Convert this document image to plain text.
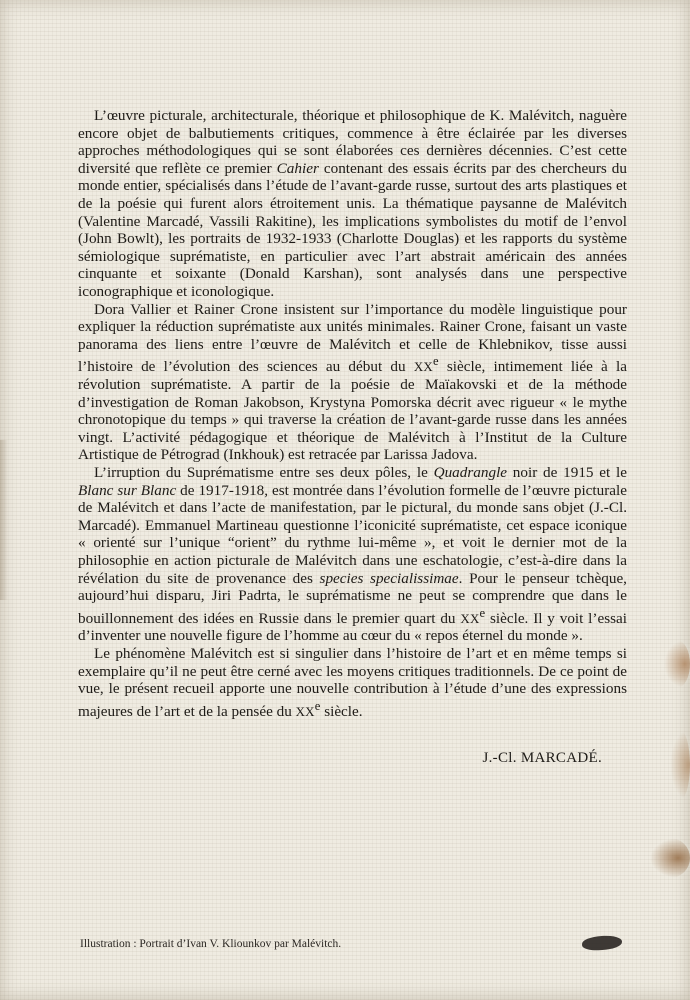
L’œuvre picturale, architecturale, théorique et philosophique de K. Malévitch, naguère encore objet de balbutiements critiques, commence à être éclairée par les diverses approches méthodologiques qui se sont élaborées ces dernières décennies. C’est cette diversité que reflète ce premier Cahier contenant des essais écrits par des chercheurs du monde entier, spécialisés dans l’étude de l’avant-garde russe, surtout des arts plastiques et de la poésie qui furent alors étroitement unis. La thématique paysanne de Malévitch (Valentine Marcadé, Vassili Rakitine), les implications symbolistes du motif de l’envol (John Bowlt), les portraits de 1932-1933 (Charlotte Douglas) et les rapports du système sémiologique suprématiste, en particulier avec l’art abstrait américain des années cinquante et soixante (Donald Karshan), sont analysés dans une perspective iconographique et iconologique.

Dora Vallier et Rainer Crone insistent sur l’importance du modèle linguistique pour expliquer la réduction suprématiste aux unités minimales. Rainer Crone, faisant un vaste panorama des liens entre l’œuvre de Malévitch et celle de Khlebnikov, tisse aussi l’histoire de l’évolution des sciences au début du XXe siècle, intimement liée à la révolution suprématiste. A partir de la poésie de Maïakovski et de la méthode d’investigation de Roman Jakobson, Krystyna Pomorska décrit avec rigueur « le mythe chronotopique du temps » qui traverse la création de l’avant-garde russe dans les années vingt. L’activité pédagogique et théorique de Malévitch à l’Institut de la Culture Artistique de Pétrograd (Inkhouk) est retracée par Larissa Jadova.

L’irruption du Suprématisme entre ses deux pôles, le Quadrangle noir de 1915 et le Blanc sur Blanc de 1917-1918, est montrée dans l’évolution formelle de l’œuvre picturale de Malévitch et dans l’acte de manifestation, par le pictural, du monde sans objet (J.-Cl. Marcadé). Emmanuel Martineau questionne l’iconicité suprématiste, cet espace iconique « orienté sur l’unique “orient” du rythme lui-même », et voit le dernier mot de la philosophie en action picturale de Malévitch dans une eschatologie, c’est-à-dire dans la révélation du site de provenance des species specialissimae. Pour le penseur tchèque, aujourd’hui disparu, Jiri Padrta, le suprématisme ne peut se comprendre que dans le bouillonnement des idées en Russie dans le premier quart du XXe siècle. Il y voit l’essai d’inventer une nouvelle figure de l’homme au cœur du « repos éternel du monde ».

Le phénomène Malévitch est si singulier dans l’histoire de l’art et en même temps si exemplaire qu’il ne peut être cerné avec les moyens critiques traditionnels. De ce point de vue, le présent recueil apporte une nouvelle contribution à l’étude d’une des expressions majeures de l’art et de la pensée du XXe siècle.

J.-Cl. MARCADÉ.
Illustration : Portrait d’Ivan V. Kliounkov par Malévitch.
